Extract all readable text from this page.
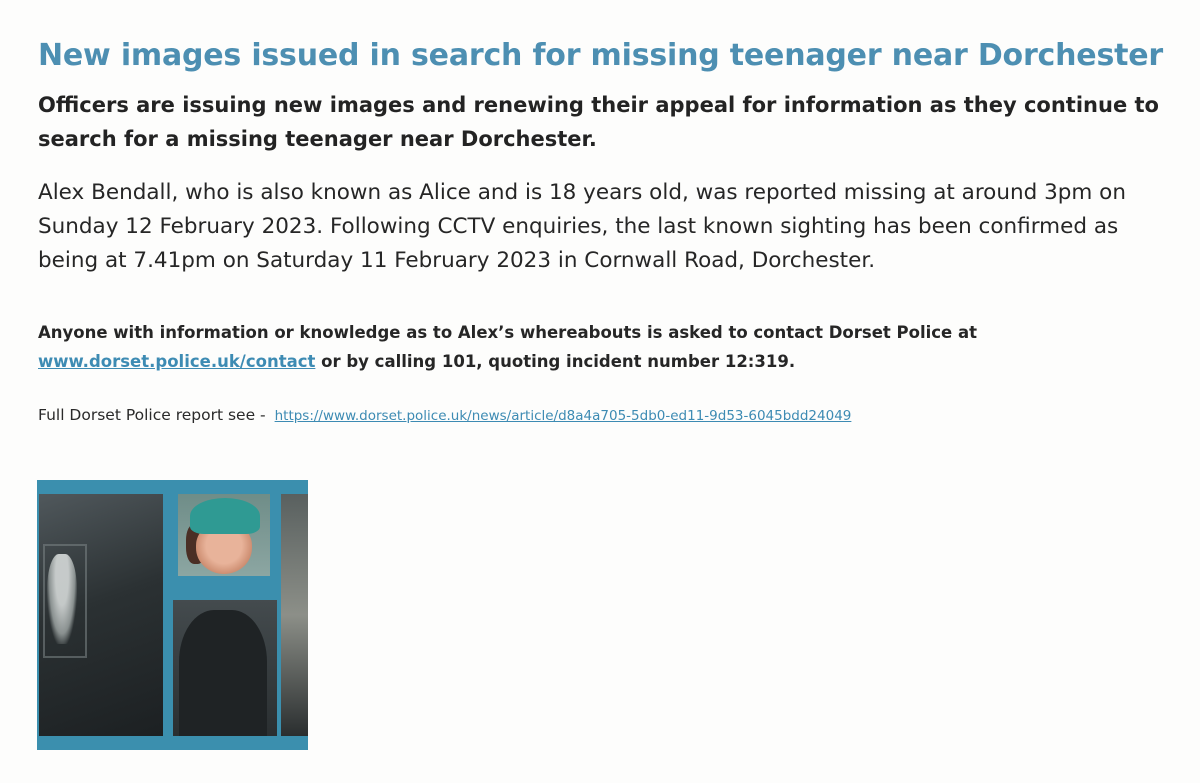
New images issued in search for missing teenager near Dorchester

Officers are issuing new images and renewing their appeal for information as they continue to search for a missing teenager near Dorchester.

Alex Bendall, who is also known as Alice and is 18 years old, was reported missing at around 3pm on Sunday 12 February 2023. Following CCTV enquiries, the last known sighting has been confirmed as being at 7.41pm on Saturday 11 February 2023 in Cornwall Road, Dorchester.

Anyone with information or knowledge as to Alex’s whereabouts is asked to contact Dorset Police at
www.dorset.police.uk/contact or by calling 101, quoting incident number 12:319.

Full Dorset Police report see - https://www.dorset.police.uk/news/article/d8a4a705-5db0-ed11-9d53-6045bdd24049
